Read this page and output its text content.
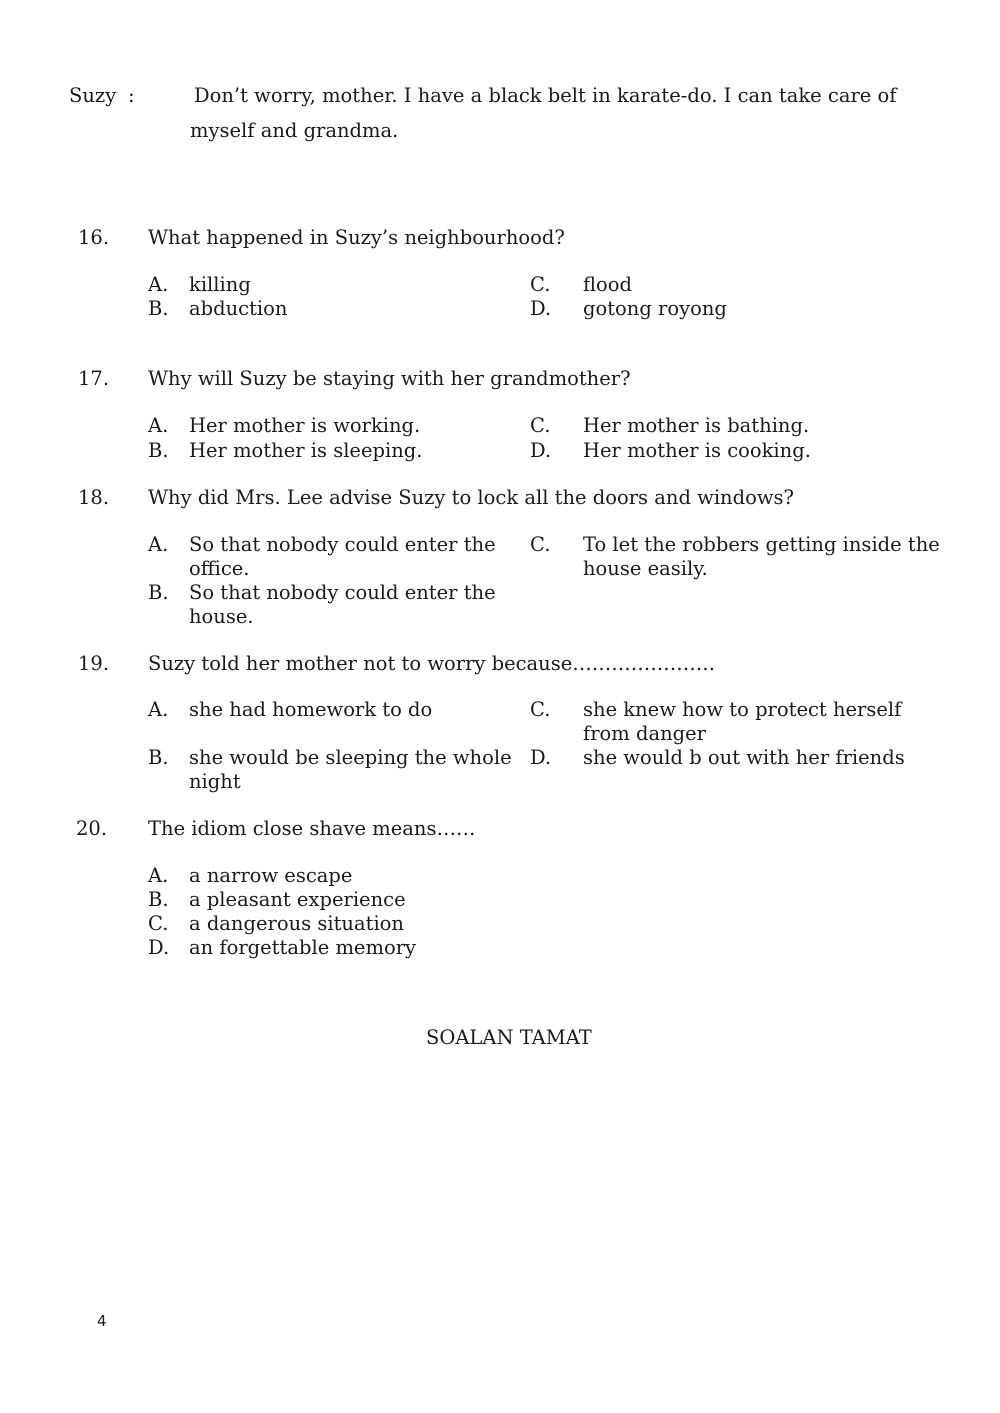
Suzy :	Don’t worry, mother. I have a black belt in karate-do. I can take care of
myself and grandma.
16. What happened in Suzy’s neighbourhood?
A. killing
B. abduction
C. flood
D. gotong royong
17. Why will Suzy be staying with her grandmother?
A. Her mother is working.
B. Her mother is sleeping.
C. Her mother is bathing.
D. Her mother is cooking.
18. Why did Mrs. Lee advise Suzy to lock all the doors and windows?
A. So that nobody could enter the office.
B. So that nobody could enter the house.
C. To let the robbers getting inside the house easily.
19. Suzy told her mother not to worry because………………….
A. she had homework to do
B. she would be sleeping the whole night
C. she knew how to protect herself from danger
D. she would b out with her friends
20. The idiom close shave means……
A. a narrow escape
B. a pleasant experience
C. a dangerous situation
D. an forgettable memory
SOALAN TAMAT
4
